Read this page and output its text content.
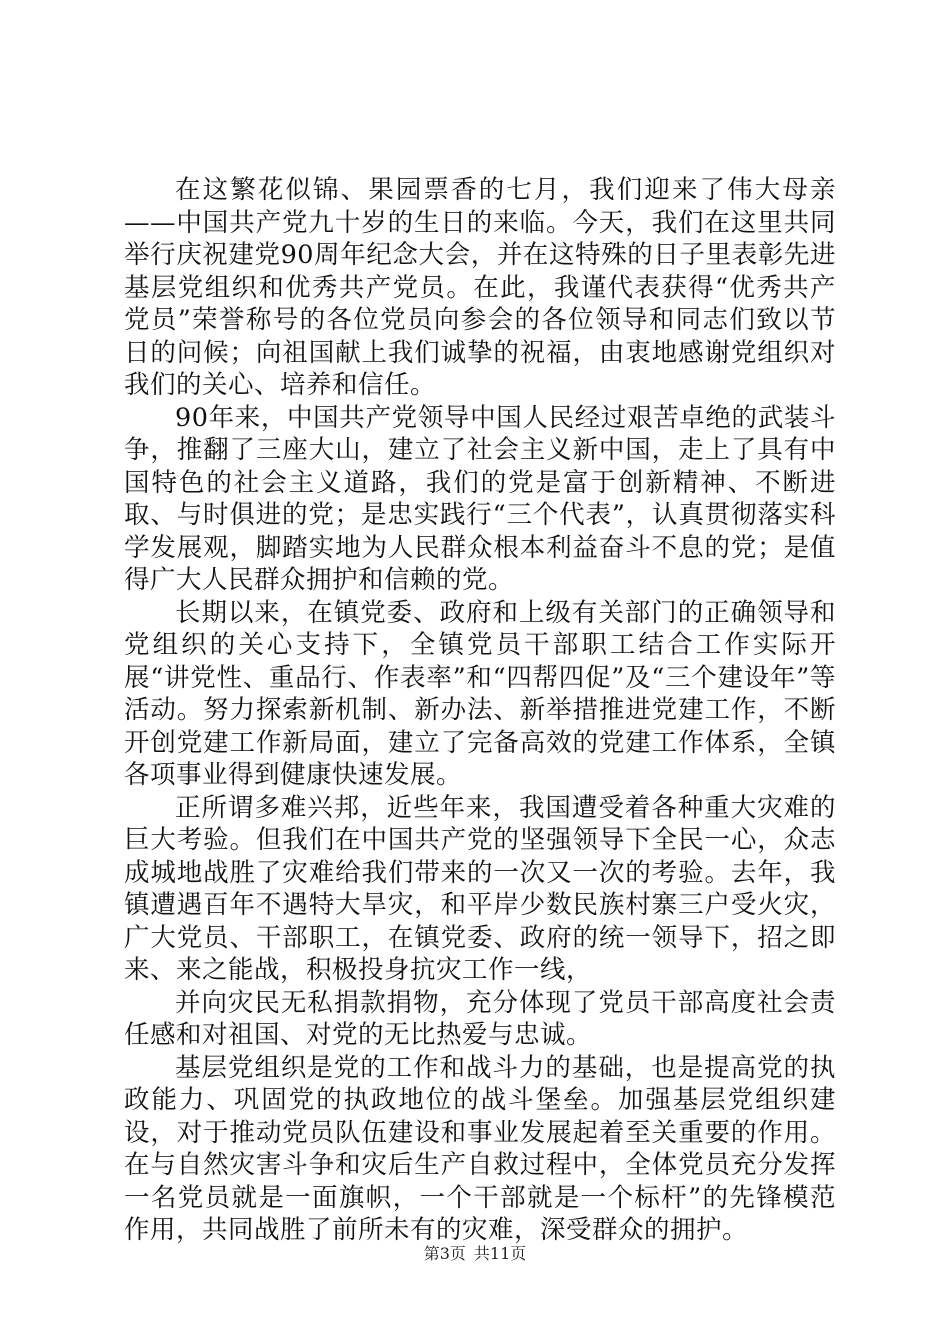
在这繁花似锦、果园票香的七月，我们迎来了伟大母亲——中国共产党九十岁的生日的来临。今天，我们在这里共同举行庆祝建党90周年纪念大会，并在这特殊的日子里表彰先进基层党组织和优秀共产党员。在此，我谨代表获得“优秀共产党员”荣誉称号的各位党员向参会的各位领导和同志们致以节日的问候；向祖国献上我们诚挚的祝福，由衷地感谢党组织对我们的关心、培养和信任。

90年来，中国共产党领导中国人民经过艰苦卓绝的武装斗争，推翻了三座大山，建立了社会主义新中国，走上了具有中国特色的社会主义道路，我们的党是富于创新精神、不断进取、与时俱进的党；是忠实践行“三个代表”，认真贯彻落实科学发展观，脚踏实地为人民群众根本利益奋斗不息的党；是值得广大人民群众拥护和信赖的党。

长期以来，在镇党委、政府和上级有关部门的正确领导和党组织的关心支持下，全镇党员干部职工结合工作实际开展“讲党性、重品行、作表率”和“四帮四促”及“三个建设年”等活动。努力探索新机制、新办法、新举措推进党建工作，不断开创党建工作新局面，建立了完备高效的党建工作体系，全镇各项事业得到健康快速发展。

正所谓多难兴邦，近些年来，我国遭受着各种重大灾难的巨大考验。但我们在中国共产党的坚强领导下全民一心，众志成城地战胜了灾难给我们带来的一次又一次的考验。去年，我镇遭遇百年不遇特大旱灾，和平岸少数民族村寨三户受火灾，广大党员、干部职工，在镇党委、政府的统一领导下，招之即来、来之能战，积极投身抗灾工作一线，

并向灾民无私捐款捐物，充分体现了党员干部高度社会责任感和对祖国、对党的无比热爱与忠诚。

基层党组织是党的工作和战斗力的基础，也是提高党的执政能力、巩固党的执政地位的战斗堡垒。加强基层党组织建设，对于推动党员队伍建设和事业发展起着至关重要的作用。在与自然灾害斗争和灾后生产自救过程中，全体党员充分发挥一名党员就是一面旗帜，一个干部就是一个标杆”的先锋模范作用，共同战胜了前所未有的灾难，深受群众的拥护。

第3页 共11页
